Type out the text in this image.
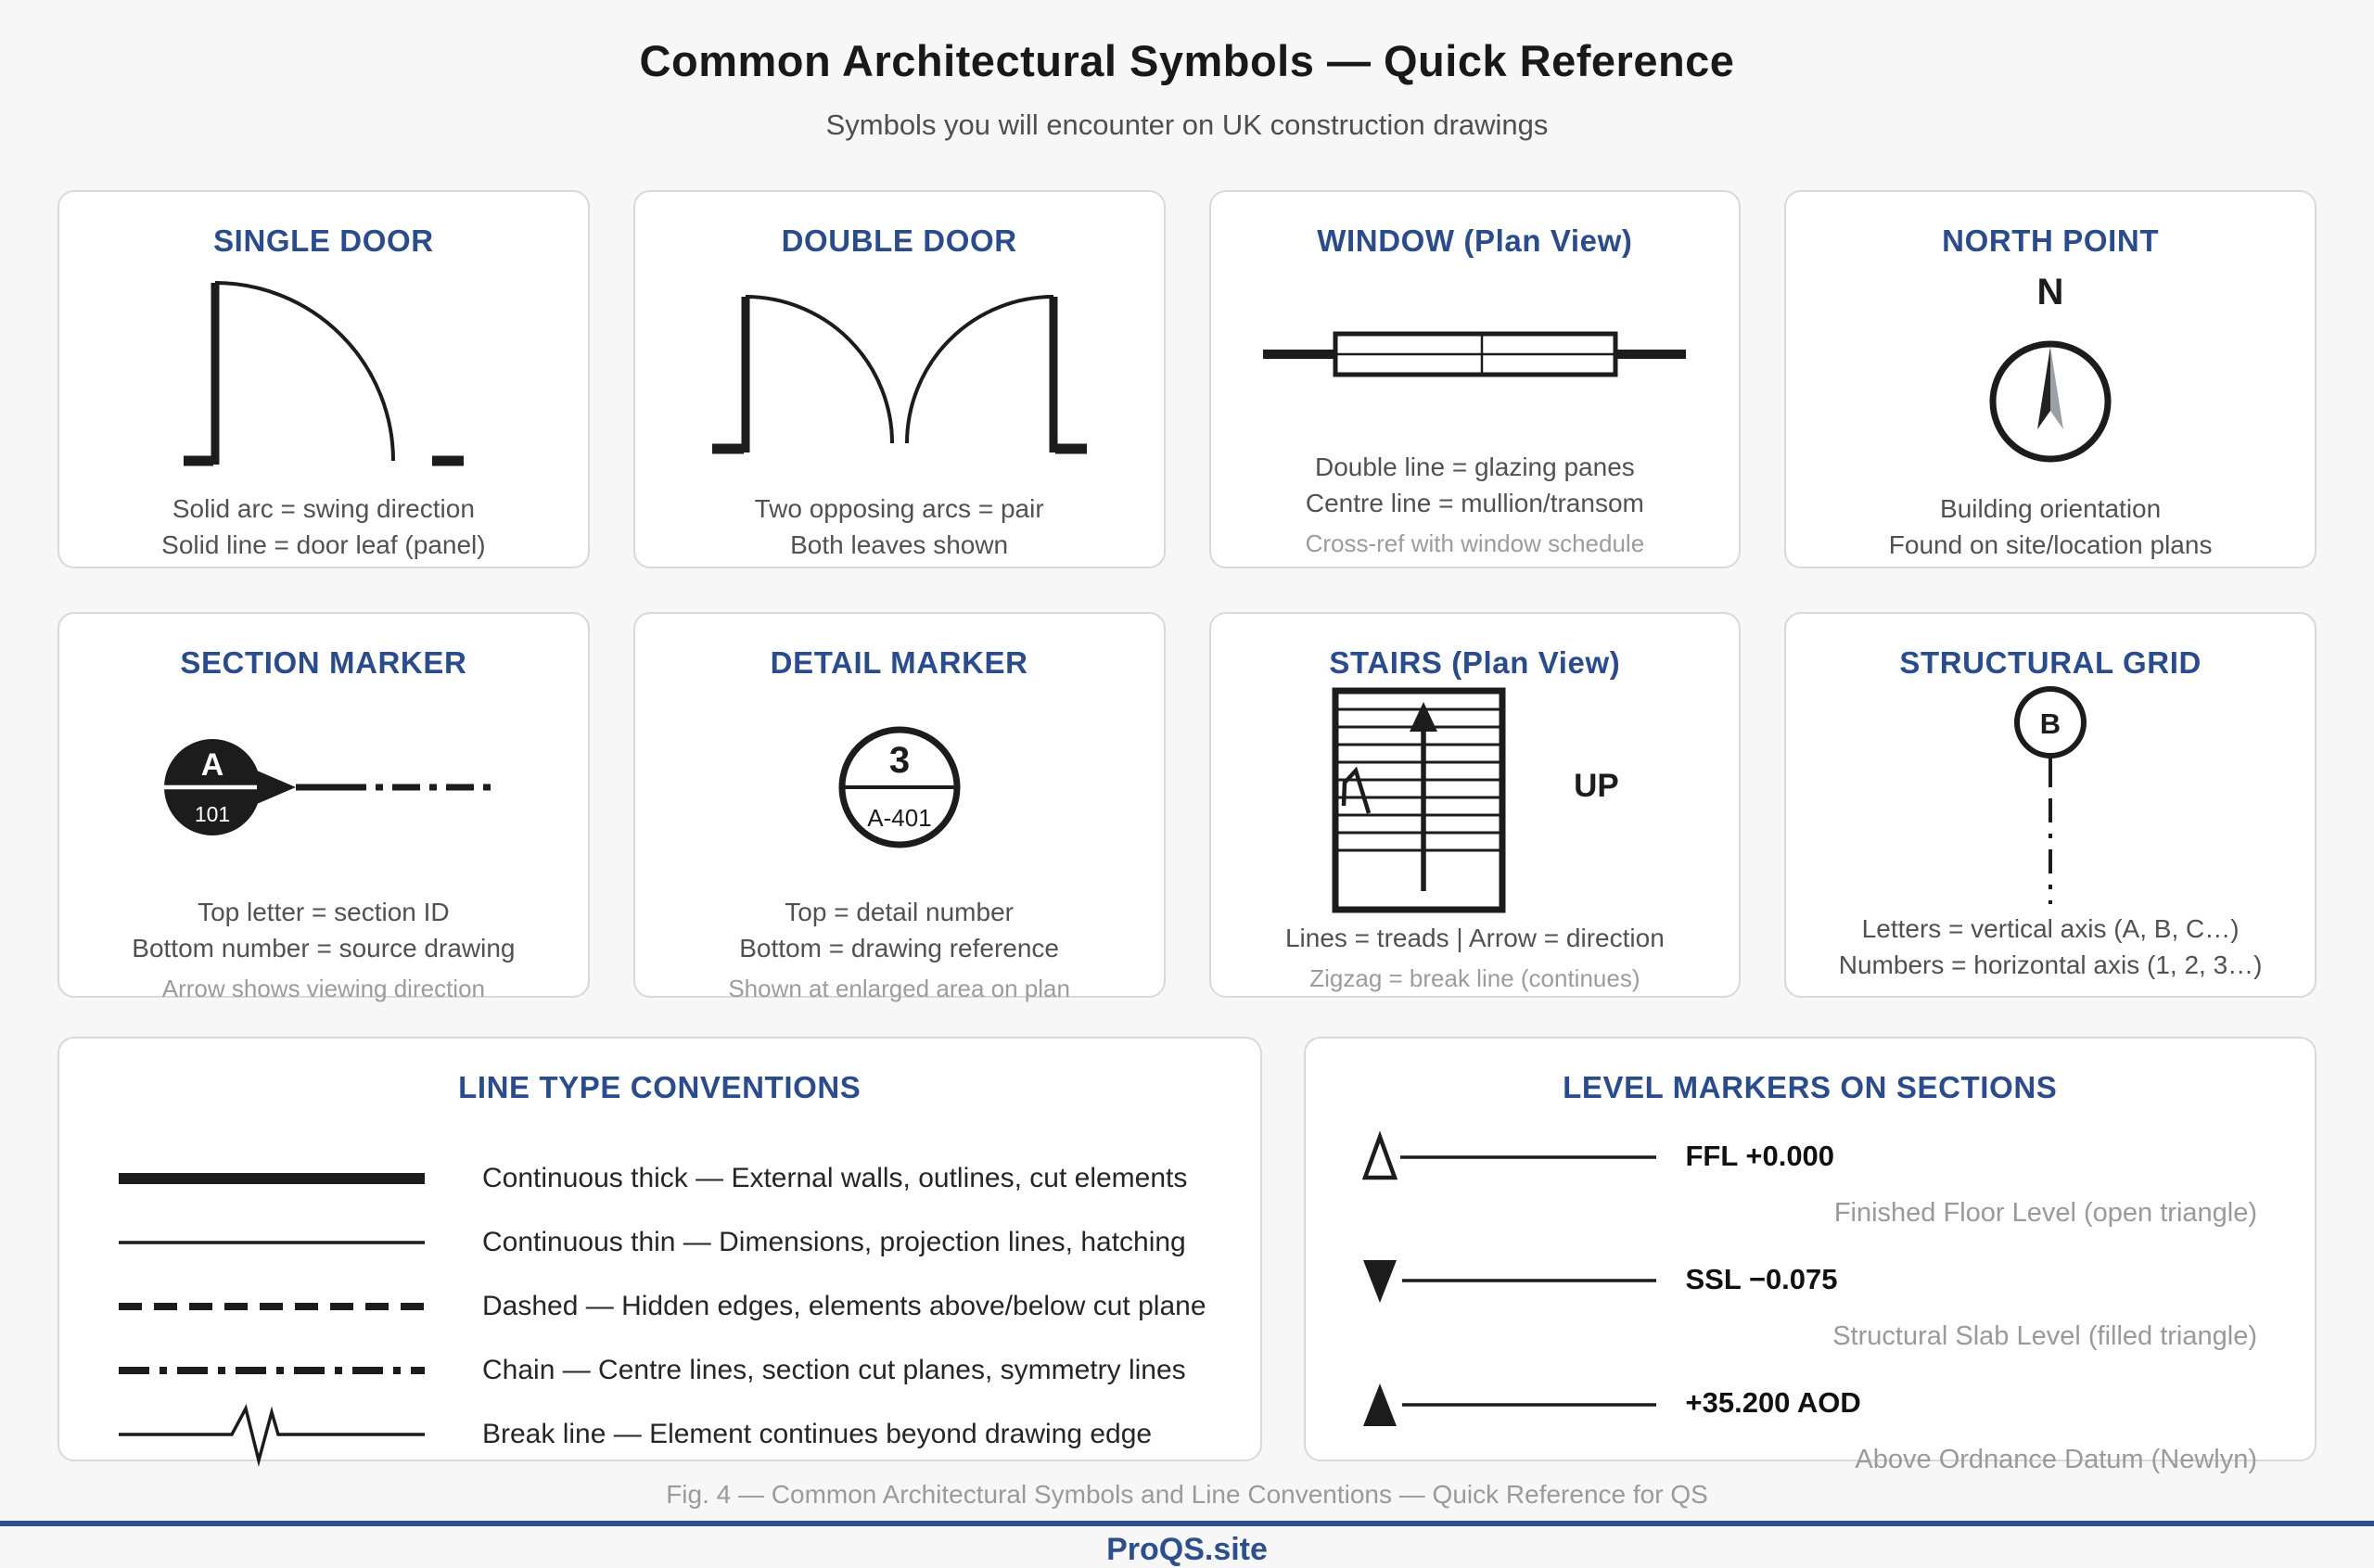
Common Architectural Symbols — Quick Reference
Symbols you will encounter on UK construction drawings
SINGLE DOOR
Solid arc = swing direction
Solid line = door leaf (panel)
DOUBLE DOOR
Two opposing arcs = pair
Both leaves shown
WINDOW (Plan View)
Double line = glazing panes
Centre line = mullion/transom
Cross-ref with window schedule
NORTH POINT
N
Building orientation
Found on site/location plans
SECTION MARKER
A
101
Top letter = section ID
Bottom number = source drawing
Arrow shows viewing direction
DETAIL MARKER
3
A-401
Top = detail number
Bottom = drawing reference
Shown at enlarged area on plan
STAIRS (Plan View)
UP
Lines = treads | Arrow = direction
Zigzag = break line (continues)
STRUCTURAL GRID
B
Letters = vertical axis (A, B, C…)
Numbers = horizontal axis (1, 2, 3…)
LINE TYPE CONVENTIONS
Continuous thick — External walls, outlines, cut elements
Continuous thin — Dimensions, projection lines, hatching
Dashed — Hidden edges, elements above/below cut plane
Chain — Centre lines, section cut planes, symmetry lines
Break line — Element continues beyond drawing edge
LEVEL MARKERS ON SECTIONS
FFL +0.000
Finished Floor Level (open triangle)
SSL −0.075
Structural Slab Level (filled triangle)
+35.200 AOD
Above Ordnance Datum (Newlyn)
Fig. 4 — Common Architectural Symbols and Line Conventions — Quick Reference for QS
ProQS.site
